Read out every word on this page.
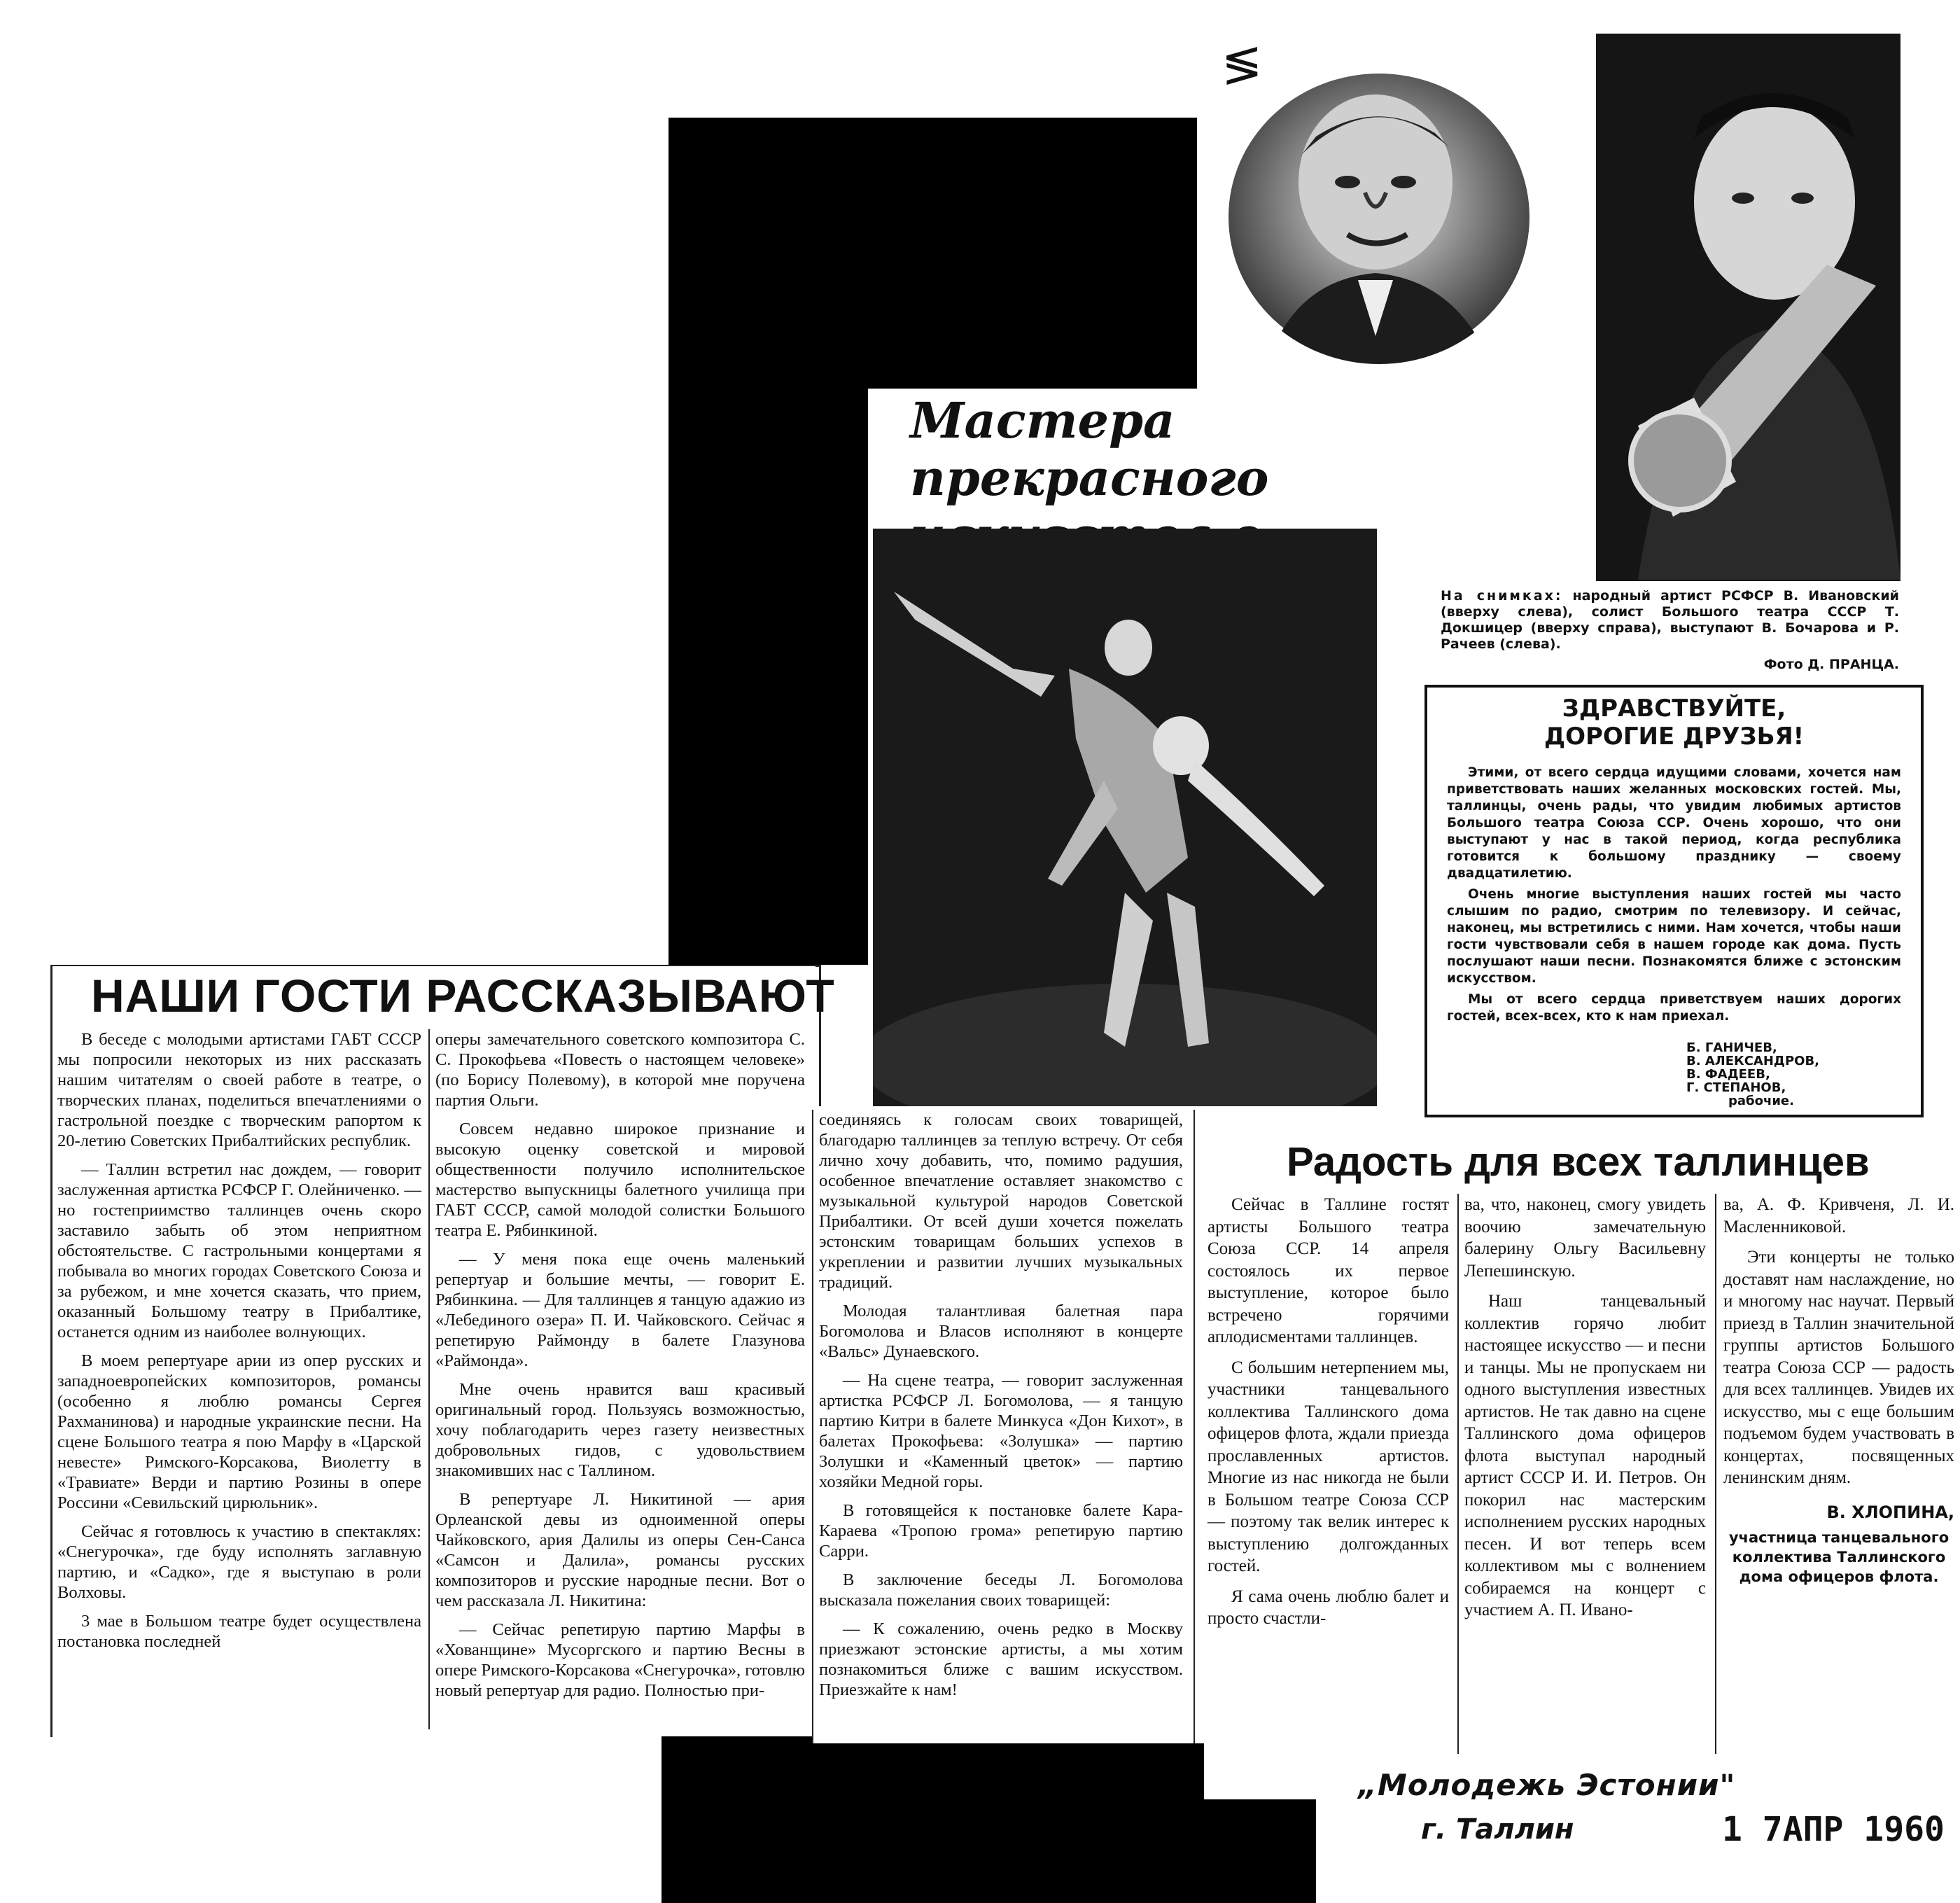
≶
Мастера прекрасного
На снимках: народный артист РСФСР В. Ивановский (вверху слева), солист Большого театра СССР Т. Докшицер (вверху справа), выступают В. Бочарова и Р. Рачеев (слева).
Фото Д. ПРАНЦА.
ЗДРАВСТВУЙТЕ,
ДОРОГИЕ ДРУЗЬЯ!

Этими, от всего сердца идущими словами, хочется нам приветствовать наших желанных московских гостей. Мы, таллинцы, очень рады, что увидим любимых артистов Большого театра Союза ССР. Очень хорошо, что они выступают у нас в такой период, когда республика готовится к большому празднику — своему двадцатилетию.

Очень многие выступления наших гостей мы часто слышим по радио, смотрим по телевизору. И сейчас, наконец, мы встретились с ними. Нам хочется, чтобы наши гости чувствовали себя в нашем городе как дома. Пусть послушают наши песни. Познакомятся ближе с эстонским искусством.

Мы от всего сердца приветствуем наших дорогих гостей, всех-всех, кто к нам приехал.

Б. ГАНИЧЕВ,
В. АЛЕКСАНДРОВ,
В. ФАДЕЕВ,
Г. СТЕПАНОВ,
рабочие.
НАШИ ГОСТИ РАССКАЗЫВАЮТ

В беседе с молодыми артистами ГАБТ СССР мы попросили некоторых из них рассказать нашим читателям о своей работе в театре, о творческих планах, поделиться впечатлениями о гастрольной поездке с творческим рапортом к 20-летию Советских Прибалтийских республик.

— Таллин встретил нас дождем, — говорит заслуженная артистка РСФСР Г. Олейниченко. — но гостеприимство таллинцев очень скоро заставило забыть об этом неприятном обстоятельстве. С гастрольными концертами я побывала во многих городах Советского Союза и за рубежом, и мне хочется сказать, что прием, оказанный Большому театру в Прибалтике, останется одним из наиболее волнующих.

В моем репертуаре арии из опер русских и западноевропейских композиторов, романсы (особенно я люблю романсы Сергея Рахманинова) и народные украинские песни. На сцене Большого театра я пою Марфу в «Царской невесте» Римского-Корсакова, Виолетту в «Травиате» Верди и партию Розины в опере Россини «Севильский цирюльник».

Сейчас я готовлюсь к участию в спектаклях: «Снегурочка», где буду исполнять заглавную партию, и «Садко», где я выступаю в роли Волховы.

3 мае в Большом театре будет осуществлена постановка последней

оперы замечательного советского композитора С. С. Прокофьева «Повесть о настоящем человеке» (по Борису Полевому), в которой мне поручена партия Ольги.

Совсем недавно широкое признание и высокую оценку советской и мировой общественности получило исполнительское мастерство выпускницы балетного училища при ГАБТ СССР, самой молодой солистки Большого театра Е. Рябинкиной.

— У меня пока еще очень маленький репертуар и большие мечты, — говорит Е. Рябинкина. — Для таллинцев я танцую адажио из «Лебединого озера» П. И. Чайковского. Сейчас я репетирую Раймонду в балете Глазунова «Раймонда».

Мне очень нравится ваш красивый оригинальный город. Пользуясь возможностью, хочу поблагодарить через газету неизвестных добровольных гидов, с удовольствием знакомивших нас с Таллином.

В репертуаре Л. Никитиной — ария Орлеанской девы из одноименной оперы Чайковского, ария Далилы из оперы Сен-Санса «Самсон и Далила», романсы русских композиторов и русские народные песни. Вот о чем рассказала Л. Никитина:

— Сейчас репетирую партию Марфы в «Хованщине» Мусоргского и партию Весны в опере Римского-Корсакова «Снегурочка», готовлю новый репертуар для радио. Полностью при-

соединяясь к голосам своих товарищей, благодарю таллинцев за теплую встречу. От себя лично хочу добавить, что, помимо радушия, особенное впечатление оставляет знакомство с музыкальной культурой народов Советской Прибалтики. От всей души хочется пожелать эстонским товарищам больших успехов в укреплении и развитии лучших музыкальных традиций.

Молодая талантливая балетная пара Богомолова и Власов исполняют в концерте «Вальс» Дунаевского.

— На сцене театра, — говорит заслуженная артистка РСФСР Л. Богомолова, — я танцую партию Китри в балете Минкуса «Дон Кихот», в балетах Прокофьева: «Золушка» — партию Золушки и «Каменный цветок» — партию хозяйки Медной горы.

В готовящейся к постановке балете Кара-Караева «Тропою грома» репетирую партию Сарри.

В заключение беседы Л. Богомолова высказала пожелания своих товарищей:

— К сожалению, очень редко в Москву приезжают эстонские артисты, а мы хотим познакомиться ближе с вашим искусством. Приезжайте к нам!

Радость для всех таллинцев

Сейчас в Таллине гостят артисты Большого театра Союза ССР. 14 апреля состоялось их первое выступление, которое было встречено горячими аплодисментами таллинцев.

С большим нетерпением мы, участники танцевального коллектива Таллинского дома офицеров флота, ждали приезда прославленных артистов. Многие из нас никогда не были в Большом театре Союза ССР — поэтому так велик интерес к выступлению долгожданных гостей.

Я сама очень люблю балет и просто счастли-

ва, что, наконец, смогу увидеть воочию замечательную балерину Ольгу Васильевну Лепешинскую.

Наш танцевальный коллектив горячо любит настоящее искусство — и песни и танцы. Мы не пропускаем ни одного выступления известных артистов. Не так давно на сцене Таллинского дома офицеров флота выступал народный артист СССР И. И. Петров. Он покорил нас мастерским исполнением русских народных песен. И вот теперь всем коллективом мы с волнением собираемся на концерт с участием А. П. Ивано-

ва, А. Ф. Кривченя, Л. И. Масленниковой.

Эти концерты не только доставят нам наслаждение, но и многому нас научат. Первый приезд в Таллин значительной группы артистов Большого театра Союза ССР — радость для всех таллинцев. Увидев их искусство, мы с еще большим подъемом будем участвовать в концертах, посвященных ленинским дням.

В. ХЛОПИНА,
участница танцевального коллектива Таллинского дома офицеров флота.
„Молодежь Эстонии"
г. Таллин	1 7АПР 1960
